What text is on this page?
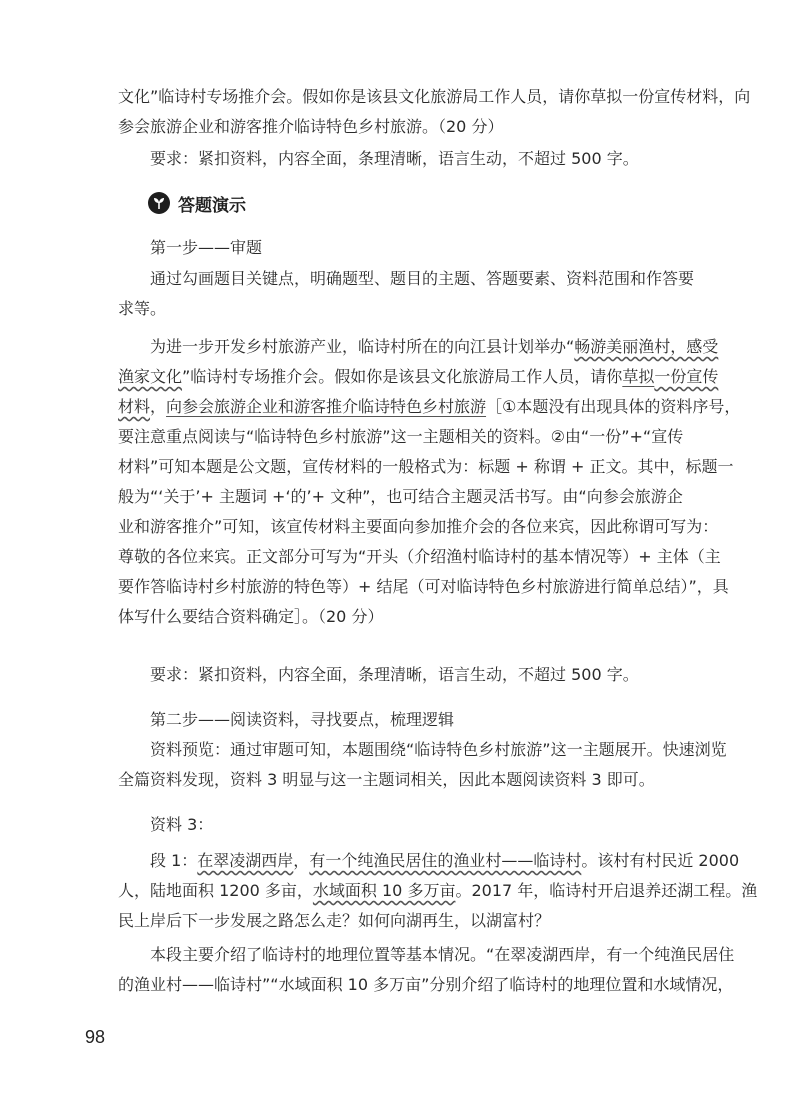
文化”临诗村专场推介会。假如你是该县文化旅游局工作人员，请你草拟一份宣传材料，向
参会旅游企业和游客推介临诗特色乡村旅游。（20 分）
要求：紧扣资料，内容全面，条理清晰，语言生动，不超过 500 字。
答题演示
第一步——审题
通过勾画题目关键点，明确题型、题目的主题、答题要素、资料范围和作答要
求等。
为进一步开发乡村旅游产业，临诗村所在的向江县计划举办“畅游美丽渔村，感受
渔家文化”临诗村专场推介会。假如你是该县文化旅游局工作人员，请你草拟一份宣传
材料，向参会旅游企业和游客推介临诗特色乡村旅游［①本题没有出现具体的资料序号，
要注意重点阅读与“临诗特色乡村旅游”这一主题相关的资料。②由“一份”+“宣传
材料”可知本题是公文题，宣传材料的一般格式为：标题 + 称谓 + 正文。其中，标题一
般为“‘关于’+ 主题词 +‘的’+ 文种”，也可结合主题灵活书写。由“向参会旅游企
业和游客推介”可知，该宣传材料主要面向参加推介会的各位来宾，因此称谓可写为：
尊敬的各位来宾。正文部分可写为“开头（介绍渔村临诗村的基本情况等）+ 主体（主
要作答临诗村乡村旅游的特色等）+ 结尾（可对临诗特色乡村旅游进行简单总结）”，具
体写什么要结合资料确定］。（20 分）
要求：紧扣资料，内容全面，条理清晰，语言生动，不超过 500 字。
第二步——阅读资料，寻找要点，梳理逻辑
资料预览：通过审题可知，本题围绕“临诗特色乡村旅游”这一主题展开。快速浏览
全篇资料发现，资料 3 明显与这一主题词相关，因此本题阅读资料 3 即可。
资料 3：
段 1：在翠凌湖西岸，有一个纯渔民居住的渔业村——临诗村。该村有村民近 2000
人，陆地面积 1200 多亩，水域面积 10 多万亩。2017 年，临诗村开启退养还湖工程。渔
民上岸后下一步发展之路怎么走？如何向湖再生，以湖富村？
本段主要介绍了临诗村的地理位置等基本情况。“在翠凌湖西岸，有一个纯渔民居住
的渔业村——临诗村”“水域面积 10 多万亩”分别介绍了临诗村的地理位置和水域情况，
98
